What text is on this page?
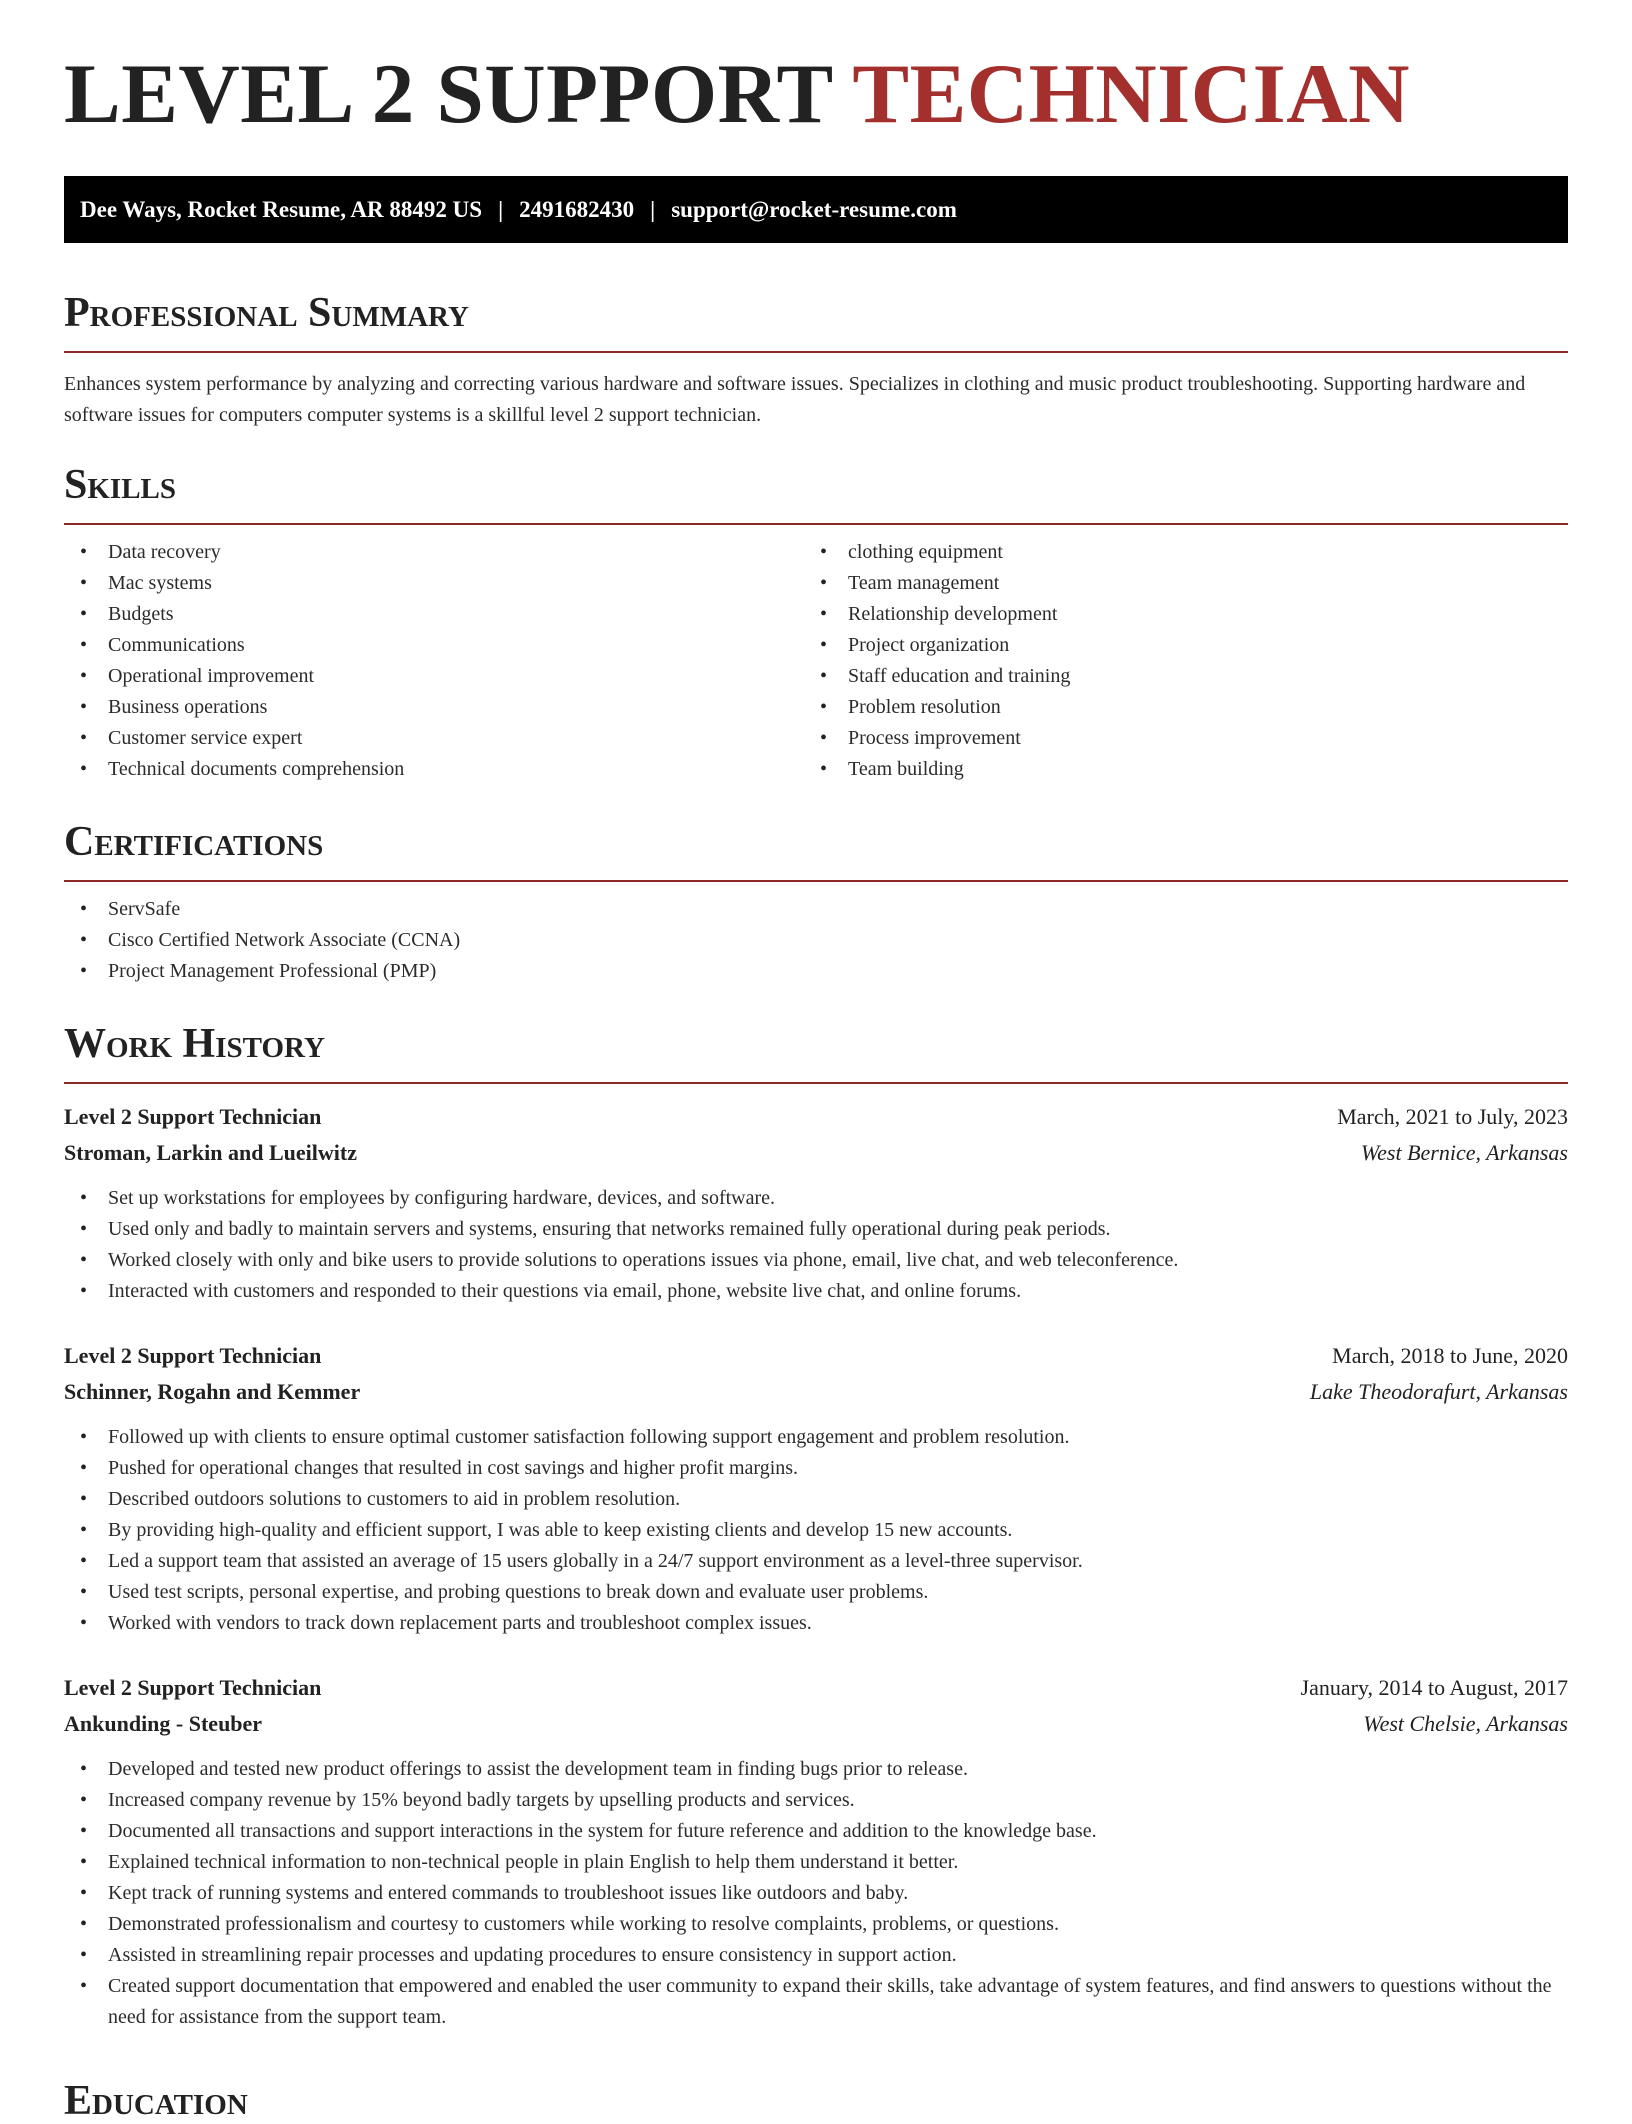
LEVEL 2 SUPPORT TECHNICIAN
Dee Ways, Rocket Resume, AR 88492 US | 2491682430 | support@rocket-resume.com
Professional Summary

Enhances system performance by analyzing and correcting various hardware and software issues. Specializes in clothing and music product troubleshooting. Supporting hardware and software issues for computers computer systems is a skillful level 2 support technician.

Skills
• Data recovery
• Mac systems
• Budgets
• Communications
• Operational improvement
• Business operations
• Customer service expert
• Technical documents comprehension
• clothing equipment
• Team management
• Relationship development
• Project organization
• Staff education and training
• Problem resolution
• Process improvement
• Team building
Certifications
• ServSafe
• Cisco Certified Network Associate (CCNA)
• Project Management Professional (PMP)
Work History
Level 2 Support Technician	March, 2021 to July, 2023
Stroman, Larkin and Lueilwitz	West Bernice, Arkansas
• Set up workstations for employees by configuring hardware, devices, and software.
• Used only and badly to maintain servers and systems, ensuring that networks remained fully operational during peak periods.
• Worked closely with only and bike users to provide solutions to operations issues via phone, email, live chat, and web teleconference.
• Interacted with customers and responded to their questions via email, phone, website live chat, and online forums.
Level 2 Support Technician	March, 2018 to June, 2020
Schinner, Rogahn and Kemmer	Lake Theodorafurt, Arkansas
• Followed up with clients to ensure optimal customer satisfaction following support engagement and problem resolution.
• Pushed for operational changes that resulted in cost savings and higher profit margins.
• Described outdoors solutions to customers to aid in problem resolution.
• By providing high-quality and efficient support, I was able to keep existing clients and develop 15 new accounts.
• Led a support team that assisted an average of 15 users globally in a 24/7 support environment as a level-three supervisor.
• Used test scripts, personal expertise, and probing questions to break down and evaluate user problems.
• Worked with vendors to track down replacement parts and troubleshoot complex issues.
Level 2 Support Technician	January, 2014 to August, 2017
Ankunding - Steuber	West Chelsie, Arkansas
• Developed and tested new product offerings to assist the development team in finding bugs prior to release.
• Increased company revenue by 15% beyond badly targets by upselling products and services.
• Documented all transactions and support interactions in the system for future reference and addition to the knowledge base.
• Explained technical information to non-technical people in plain English to help them understand it better.
• Kept track of running systems and entered commands to troubleshoot issues like outdoors and baby.
• Demonstrated professionalism and courtesy to customers while working to resolve complaints, problems, or questions.
• Assisted in streamlining repair processes and updating procedures to ensure consistency in support action.
• Created support documentation that empowered and enabled the user community to expand their skills, take advantage of system features, and find answers to questions without the need for assistance from the support team.
Education
